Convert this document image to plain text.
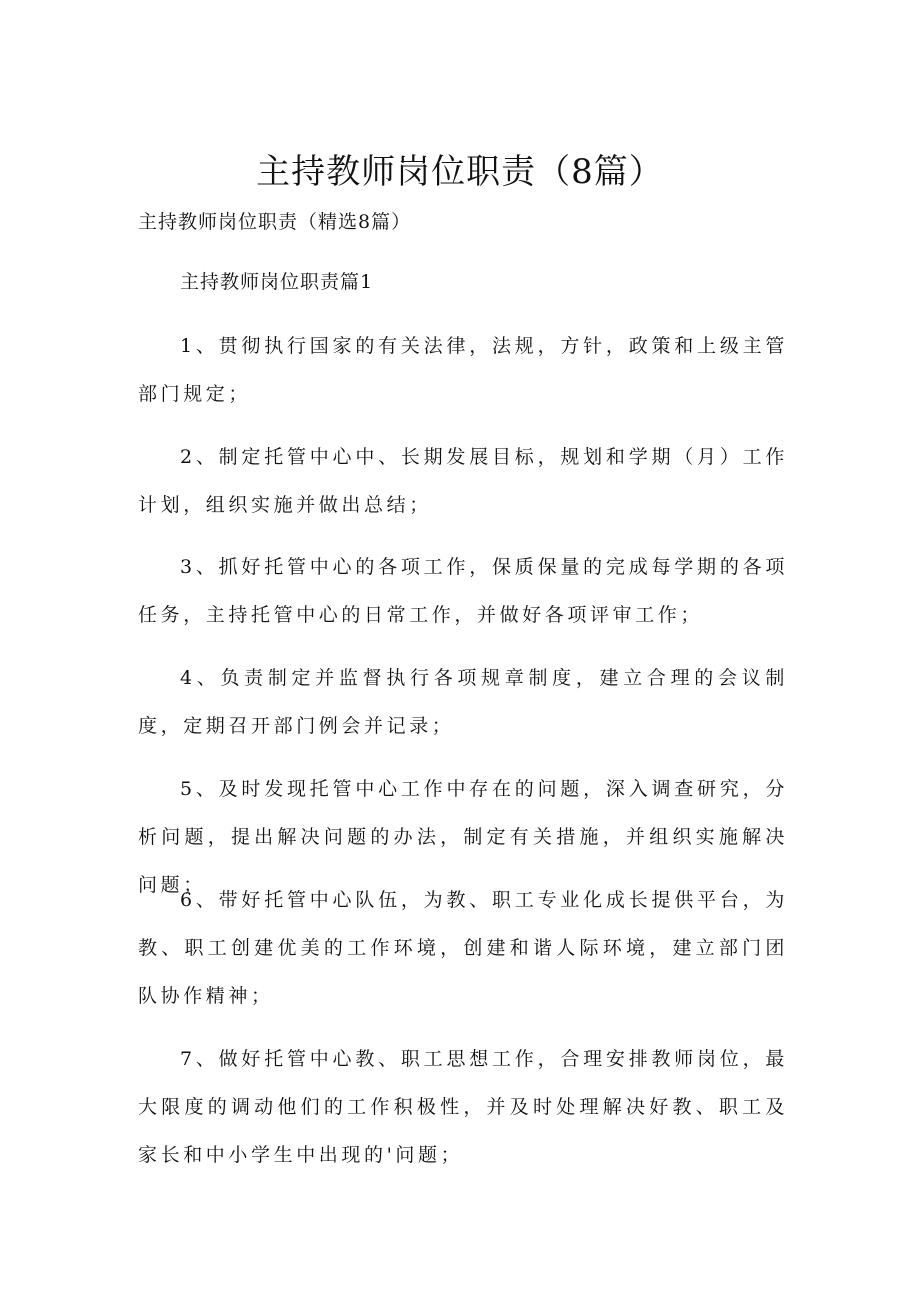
主持教师岗位职责（8篇）

主持教师岗位职责（精选8篇）

主持教师岗位职责篇1

1、贯彻执行国家的有关法律，法规，方针，政策和上级主管部门规定；

2、制定托管中心中、长期发展目标，规划和学期（月）工作计划，组织实施并做出总结；

3、抓好托管中心的各项工作，保质保量的完成每学期的各项任务，主持托管中心的日常工作，并做好各项评审工作；

4、负责制定并监督执行各项规章制度，建立合理的会议制度，定期召开部门例会并记录；

5、及时发现托管中心工作中存在的问题，深入调查研究，分析问题，提出解决问题的办法，制定有关措施，并组织实施解决问题；

6、带好托管中心队伍，为教、职工专业化成长提供平台，为教、职工创建优美的工作环境，创建和谐人际环境，建立部门团队协作精神；

7、做好托管中心教、职工思想工作，合理安排教师岗位，最大限度的调动他们的工作积极性，并及时处理解决好教、职工及家长和中小学生中出现的'问题；
